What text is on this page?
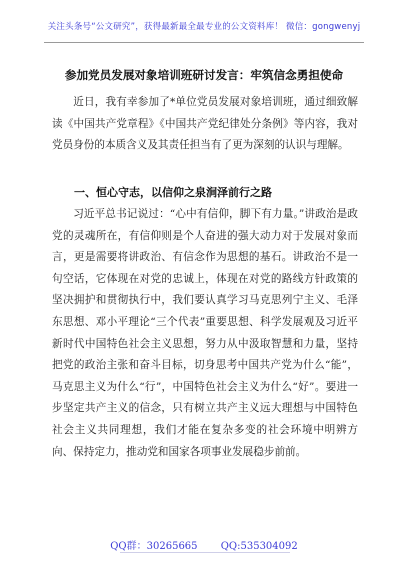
关注头条号“公文研究”，获得最新最全最专业的公文资料库！ 微信：gongwenyj
参加党员发展对象培训班研讨发言：牢筑信念勇担使命

近日，我有幸参加了*单位党员发展对象培训班，通过细致解读《中国共产党章程》《中国共产党纪律处分条例》等内容，我对党员身份的本质含义及其责任担当有了更为深刻的认识与理解。

一、恒心守志，以信仰之泉涧泽前行之路

习近平总书记说过：“心中有信仰，脚下有力量。”讲政治是政党的灵魂所在，有信仰则是个人奋进的强大动力对于发展对象而言，更是需要将讲政治、有信念作为思想的基石。讲政治不是一句空话，它体现在对党的忠诚上，体现在对党的路线方针政策的坚决拥护和贯彻执行中，我们要认真学习马克思列宁主义、毛泽东思想、邓小平理论“三个代表”重要思想、科学发展观及习近平新时代中国特色社会主义思想，努力从中汲取智慧和力量，坚持把党的政治主张和奋斗目标，切身思考中国共产党为什么“能”，马克思主义为什么“行”，中国特色社会主义为什么“好”。要进一步坚定共产主义的信念，只有树立共产主义远大理想与中国特色社会主义共同理想，我们才能在复杂多变的社会环境中明辨方向、保持定力，推动党和国家各项事业发展稳步前前。

QQ群：30265665 QQ:535304092
